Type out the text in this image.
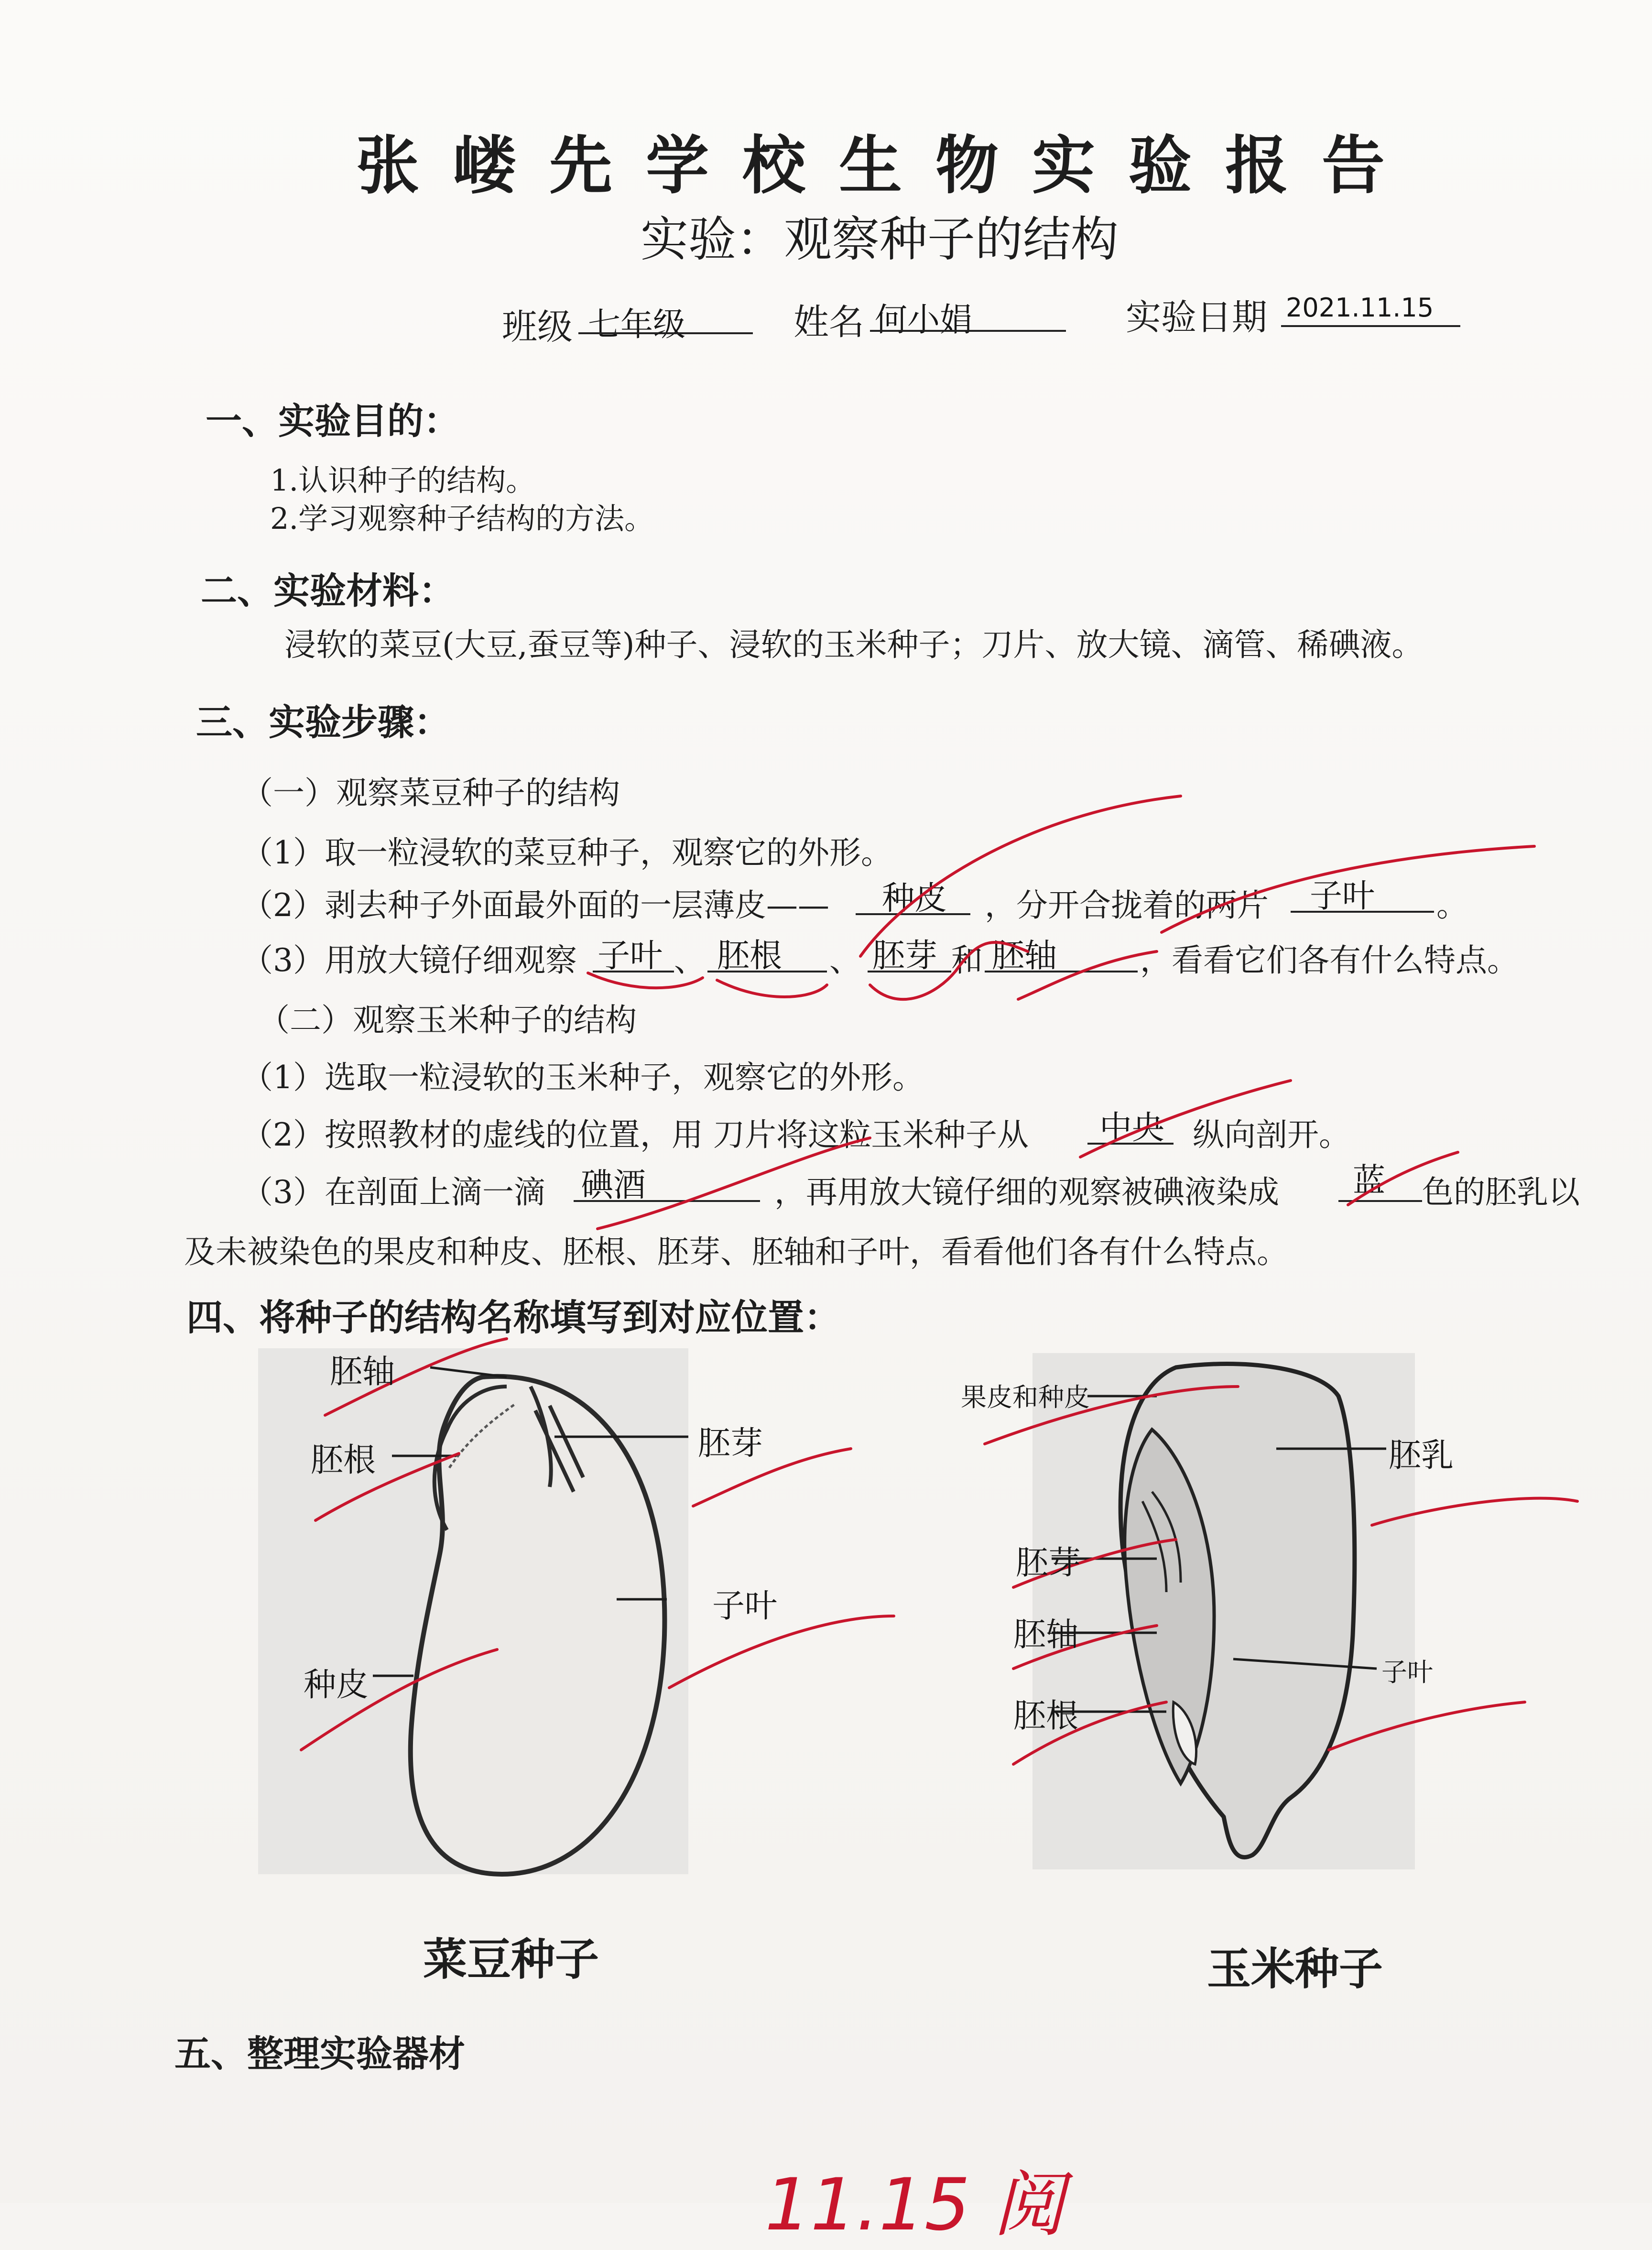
张嵝先学校生物实验报告
实验：观察种子的结构
班级 七年级	姓名 何小娟	实验日期 2021.11.15
一、实验目的：
1.认识种子的结构。
2.学习观察种子结构的方法。
二、实验材料：
浸软的菜豆(大豆,蚕豆等)种子、浸软的玉米种子；刀片、放大镜、滴管、稀碘液。
三、实验步骤：
（一）观察菜豆种子的结构
（1）取一粒浸软的菜豆种子，观察它的外形。
（2）剥去种子外面最外面的一层薄皮—— 种皮 ，分开合拢着的两片 子叶 。
（3）用放大镜仔细观察 子叶 、 胚根 、 胚芽 和 胚轴	，看看它们各有什么特点。
（二）观察玉米种子的结构
（1）选取一粒浸软的玉米种子，观察它的外形。
（2）按照教材的虚线的位置，用 刀片将这粒玉米种子从 中央 纵向剖开。
（3）在剖面上滴一滴 碘酒	，再用放大镜仔细的观察被碘液染成 蓝 色的胚乳以
及未被染色的果皮和种皮、胚根、胚芽、胚轴和子叶，看看他们各有什么特点。
四、将种子的结构名称填写到对应位置：
胚轴
胚根	胚芽
子叶
种皮
菜豆种子
果皮和种皮
胚乳
胚芽
胚轴
胚根
子叶
玉米种子
五、整理实验器材
11.15 阅
